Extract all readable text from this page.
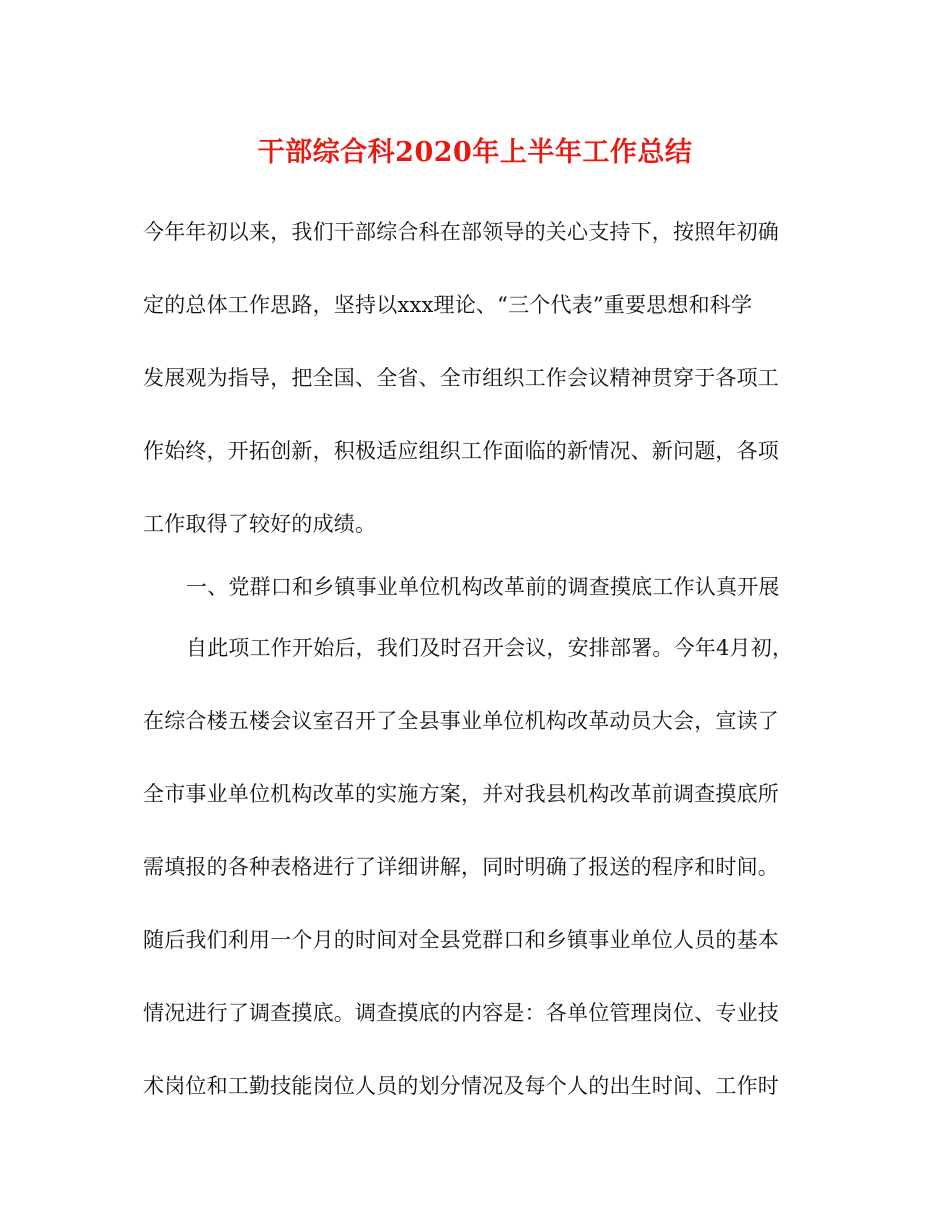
干部综合科2020年上半年工作总结
今年年初以来，我们干部综合科在部领导的关心支持下，按照年初确
定的总体工作思路，坚持以xxx理论、“三个代表”重要思想和科学
发展观为指导，把全国、全省、全市组织工作会议精神贯穿于各项工
作始终，开拓创新，积极适应组织工作面临的新情况、新问题，各项
工作取得了较好的成绩。
一、党群口和乡镇事业单位机构改革前的调查摸底工作认真开展
自此项工作开始后，我们及时召开会议，安排部署。今年4月初，
在综合楼五楼会议室召开了全县事业单位机构改革动员大会，宣读了
全市事业单位机构改革的实施方案，并对我县机构改革前调查摸底所
需填报的各种表格进行了详细讲解，同时明确了报送的程序和时间。
随后我们利用一个月的时间对全县党群口和乡镇事业单位人员的基本
情况进行了调查摸底。调查摸底的内容是：各单位管理岗位、专业技
术岗位和工勤技能岗位人员的划分情况及每个人的出生时间、工作时
